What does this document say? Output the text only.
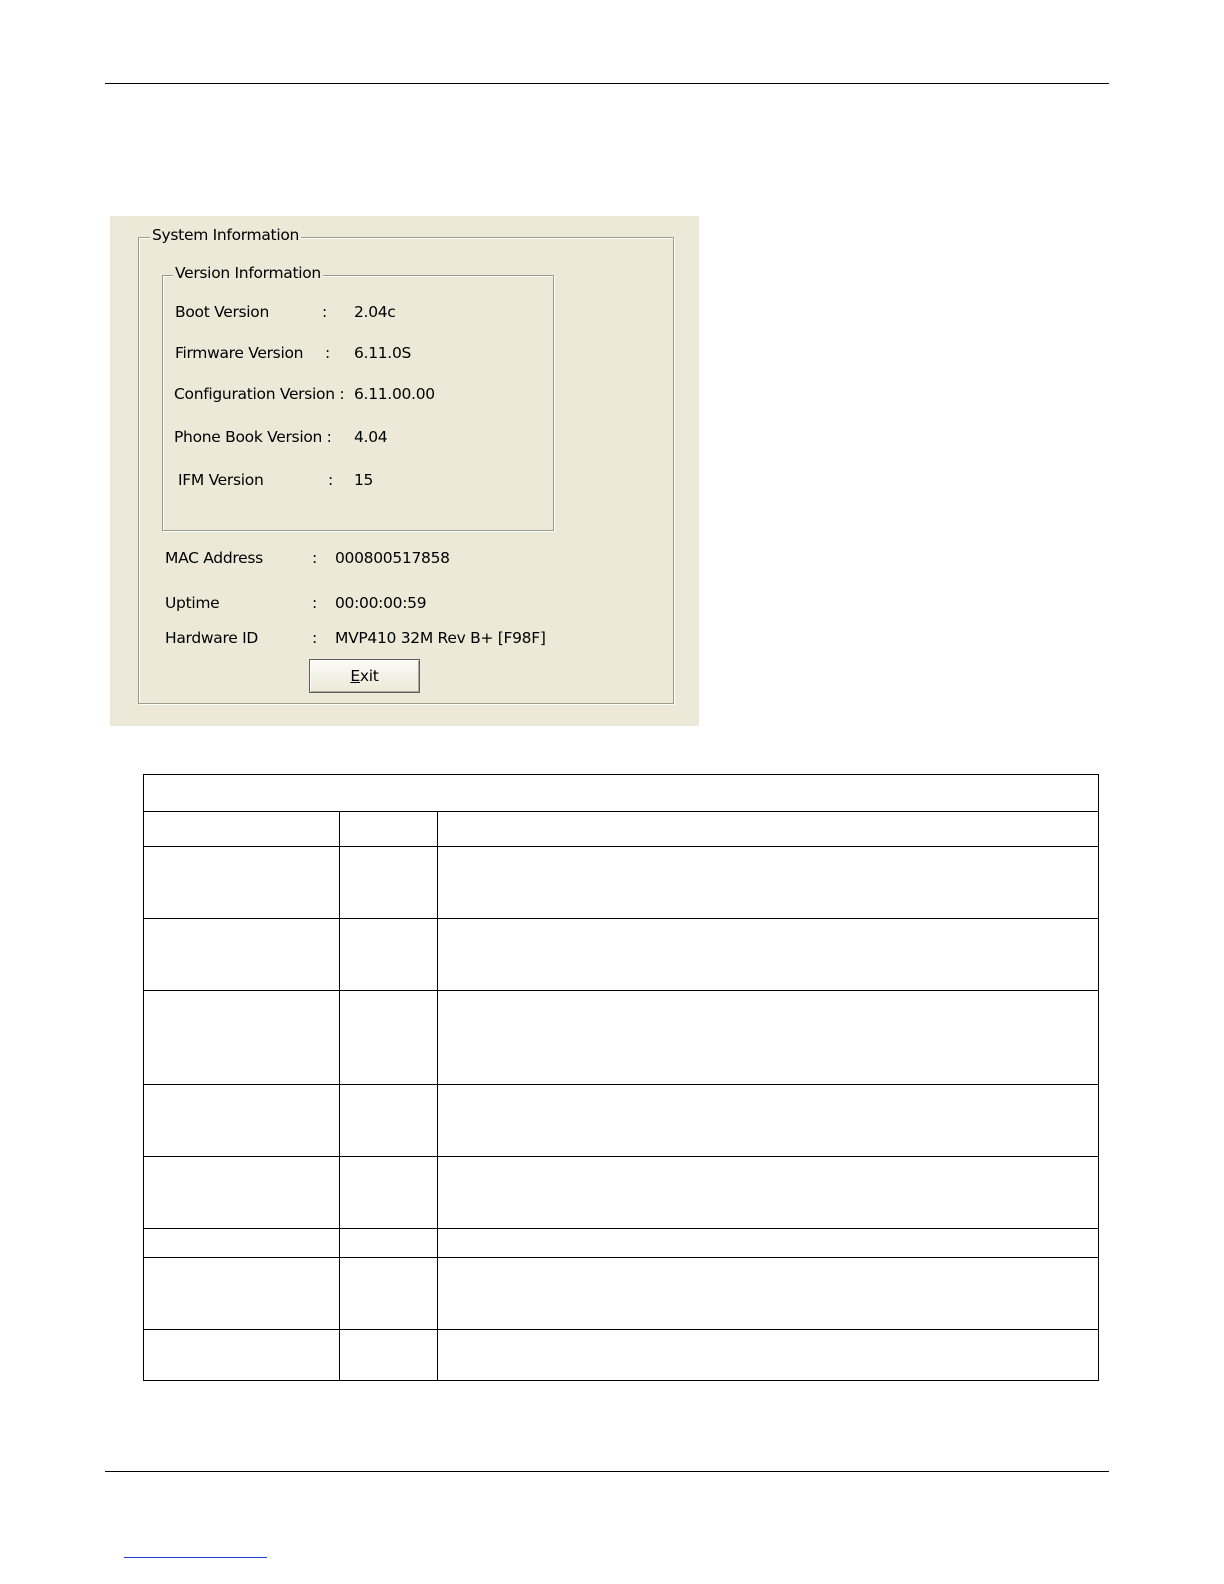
System Information
Version Information
Boot Version	: 2.04c
Firmware Version : 6.11.0S
Configuration Version : 6.11.00.00
Phone Book Version : 4.04
IFM Version	: 15
MAC Address	: 000800517858
Uptime	: 00:00:00:59
Hardware ID	: MVP410 32M Rev B+ [F98F]
E xit
